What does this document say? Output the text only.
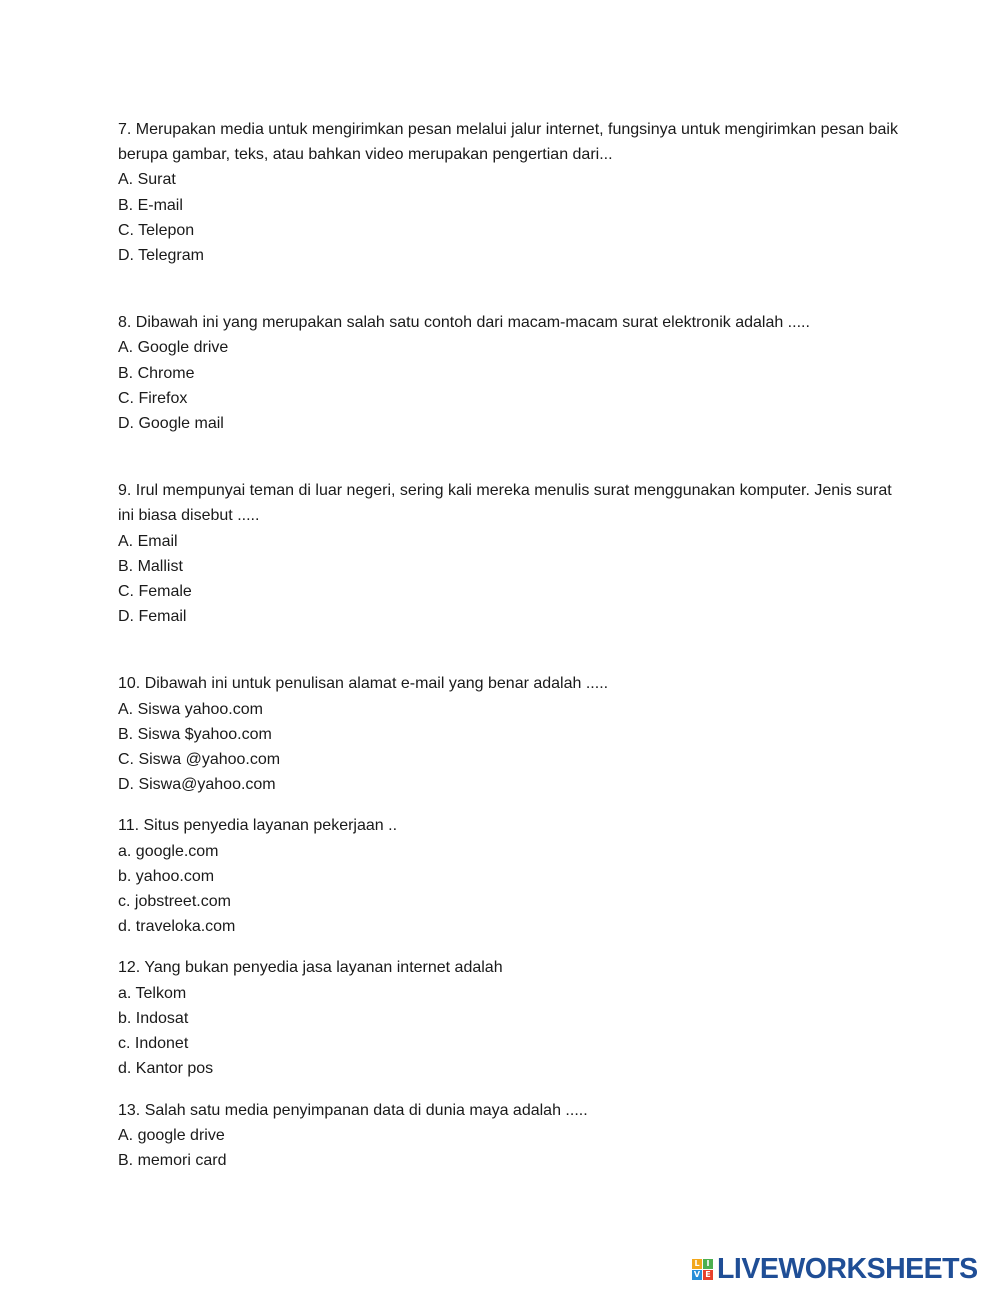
7. Merupakan media untuk mengirimkan pesan melalui jalur internet, fungsinya untuk mengirimkan pesan baik berupa gambar, teks, atau bahkan video merupakan pengertian dari...
A. Surat
B. E-mail
C. Telepon
D. Telegram
8. Dibawah ini yang merupakan salah satu contoh dari macam-macam surat elektronik adalah .....
A. Google drive
B. Chrome
C. Firefox
D. Google mail
9. Irul mempunyai teman di luar negeri, sering kali mereka menulis surat menggunakan komputer. Jenis surat ini biasa disebut .....
A. Email
B. Mallist
C. Female
D. Femail
10. Dibawah ini untuk penulisan alamat e-mail yang benar adalah .....
A. Siswa yahoo.com
B. Siswa $yahoo.com
C. Siswa @yahoo.com
D. Siswa@yahoo.com
11. Situs penyedia layanan pekerjaan ..
a. google.com
b. yahoo.com
c. jobstreet.com
d. traveloka.com
12. Yang bukan penyedia jasa layanan internet adalah
a. Telkom
b. Indosat
c. Indonet
d. Kantor pos
13. Salah satu media penyimpanan data di dunia maya adalah .....
A. google drive
B. memori card
L I
V E LIVEWORKSHEETS
